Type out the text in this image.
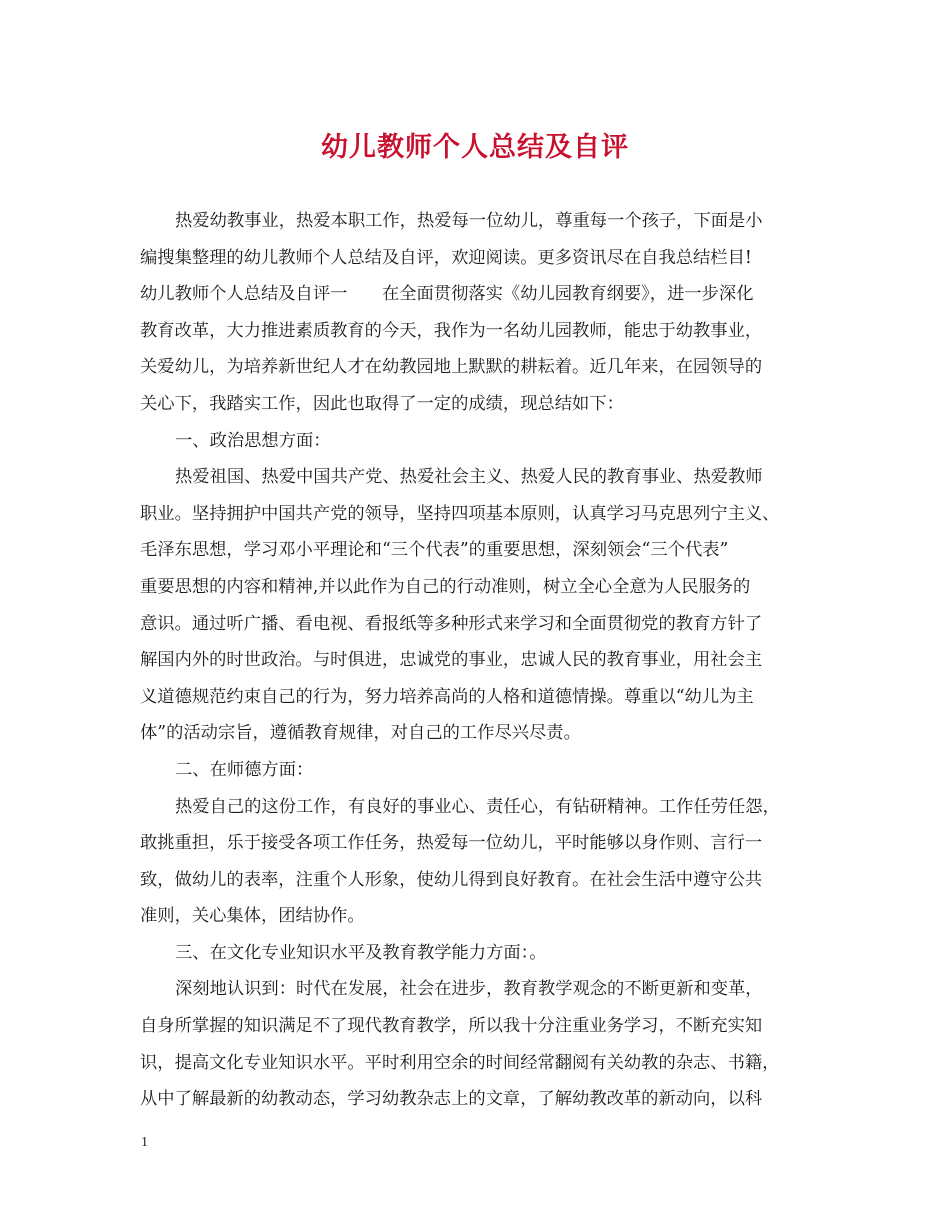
幼儿教师个人总结及自评
热爱幼教事业，热爱本职工作，热爱每一位幼儿，尊重每一个孩子，下面是小
编搜集整理的幼儿教师个人总结及自评，欢迎阅读。更多资讯尽在自我总结栏目!
幼儿教师个人总结及自评一　　在全面贯彻落实《幼儿园教育纲要》，进一步深化
教育改革，大力推进素质教育的今天，我作为一名幼儿园教师，能忠于幼教事业，
关爱幼儿，为培养新世纪人才在幼教园地上默默的耕耘着。近几年来，在园领导的
关心下，我踏实工作，因此也取得了一定的成绩，现总结如下：
一、政治思想方面：
热爱祖国、热爱中国共产党、热爱社会主义、热爱人民的教育事业、热爱教师
职业。坚持拥护中国共产党的领导，坚持四项基本原则，认真学习马克思列宁主义、
毛泽东思想，学习邓小平理论和“三个代表”的重要思想，深刻领会“三个代表”
重要思想的内容和精神,并以此作为自己的行动准则，树立全心全意为人民服务的
意识。通过听广播、看电视、看报纸等多种形式来学习和全面贯彻党的教育方针了
解国内外的时世政治。与时俱进，忠诚党的事业，忠诚人民的教育事业，用社会主
义道德规范约束自己的行为，努力培养高尚的人格和道德情操。尊重以“幼儿为主
体”的活动宗旨，遵循教育规律，对自己的工作尽兴尽责。
二、在师德方面：
热爱自己的这份工作，有良好的事业心、责任心，有钻研精神。工作任劳任怨，
敢挑重担，乐于接受各项工作任务，热爱每一位幼儿，平时能够以身作则、言行一
致，做幼儿的表率，注重个人形象，使幼儿得到良好教育。在社会生活中遵守公共
准则，关心集体，团结协作。
三、在文化专业知识水平及教育教学能力方面：。
深刻地认识到：时代在发展，社会在进步，教育教学观念的不断更新和变革，
自身所掌握的知识满足不了现代教育教学，所以我十分注重业务学习，不断充实知
识，提高文化专业知识水平。平时利用空余的时间经常翻阅有关幼教的杂志、书籍，
从中了解最新的幼教动态，学习幼教杂志上的文章，了解幼教改革的新动向，以科
1
